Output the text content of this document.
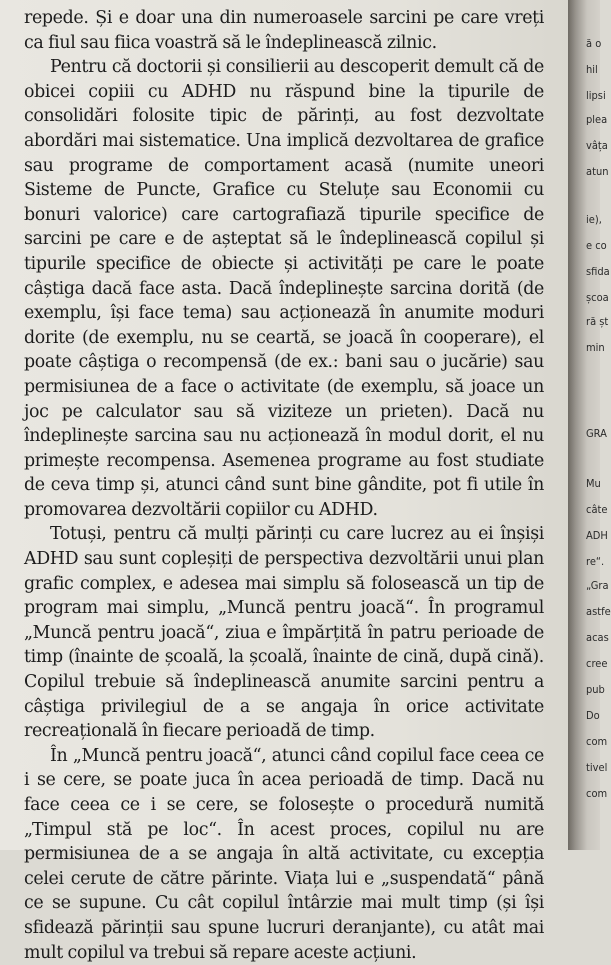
repede. Și e doar una din numeroasele sarcini pe care vreți ca fiul sau fiica voastră să le îndeplinească zilnic.

Pentru că doctorii și consilierii au descoperit demult că de obicei copiii cu ADHD nu răspund bine la tipurile de consolidări folosite tipic de părinți, au fost dezvoltate abordări mai sistematice. Una implică dezvoltarea de grafice sau programe de comportament acasă (numite uneori Sisteme de Puncte, Grafice cu Steluțe sau Economii cu bonuri valorice) care cartografiază tipurile specifice de sarcini pe care e de așteptat să le îndeplinească copilul și tipurile specifice de obiecte și activități pe care le poate câștiga dacă face asta. Dacă îndeplinește sarcina dorită (de exemplu, își face tema) sau acționează în anumite moduri dorite (de exemplu, nu se ceartă, se joacă în cooperare), el poate câștiga o recompensă (de ex.: bani sau o jucărie) sau permisiunea de a face o activitate (de exemplu, să joace un joc pe calculator sau să viziteze un prieten). Dacă nu îndeplinește sarcina sau nu acționează în modul dorit, el nu primește recompensa. Asemenea programe au fost studiate de ceva timp și, atunci când sunt bine gândite, pot fi utile în promovarea dezvoltării copiilor cu ADHD.

Totuși, pentru că mulți părinți cu care lucrez au ei înșiși ADHD sau sunt copleșiți de perspectiva dezvoltării unui plan grafic complex, e adesea mai simplu să folosească un tip de program mai simplu, „Muncă pentru joacă“. În programul „Muncă pentru joacă“, ziua e împărțită în patru perioade de timp (înainte de școală, la școală, înainte de cină, după cină). Copilul trebuie să îndeplinească anumite sarcini pentru a câștiga privilegiul de a se angaja în orice activitate recreațională în fiecare perioadă de timp.

În „Muncă pentru joacă“, atunci când copilul face ceea ce i se cere, se poate juca în acea perioadă de timp. Dacă nu face ceea ce i se cere, se folosește o procedură numită „Timpul stă pe loc“. În acest proces, copilul nu are permisiunea de a se angaja în altă activitate, cu excepția celei cerute de către părinte. Viața lui e „suspendată“ până ce se supune. Cu cât copilul întârzie mai mult timp (și își sfidează părinții sau spune lucruri deranjante), cu atât mai mult copilul va trebui să repare aceste acțiuni.

ă o
hil
lipsi
plea
vâța
atun
ie),
e co
sfida
școa
ră șt
min
GRA
Mu
câte
ADH
re“.
„Gra
astfe
acas
cree
pub
Do
com
tivel
com
